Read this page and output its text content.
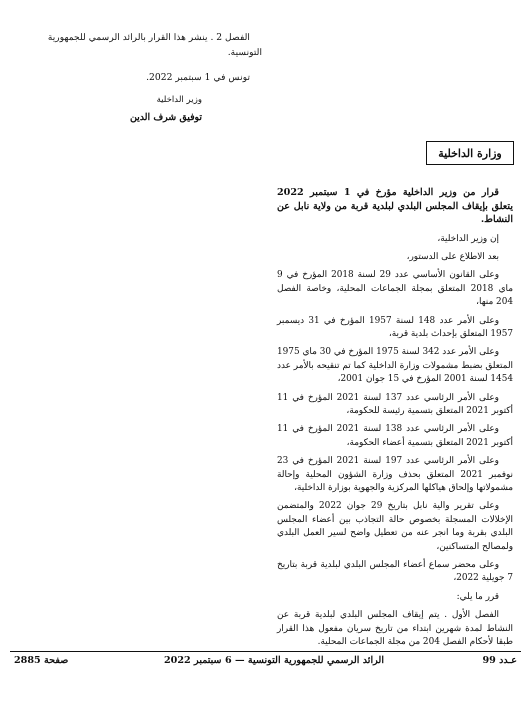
الفصل 2 . ينشر هذا القرار بالرائد الرسمي للجمهورية التونسية.

تونس في 1 سبتمبر 2022.

وزير الداخلية
توفيق شرف الدين
وزارة الداخلية

قرار من وزير الداخلية مؤرخ في 1 سبتمبر 2022 يتعلق بإيقاف المجلس البلدي لبلدية قربة من ولاية نابل عن النشاط.

إن وزير الداخلية،

بعد الاطلاع على الدستور،

وعلى القانون الأساسي عدد 29 لسنة 2018 المؤرخ في 9 ماي 2018 المتعلق بمجلة الجماعات المحلية، وخاصة الفصل 204 منها،

وعلى الأمر عدد 148 لسنة 1957 المؤرخ في 31 ديسمبر 1957 المتعلق بإحداث بلدية قربة،

وعلى الأمر عدد 342 لسنة 1975 المؤرخ في 30 ماي 1975 المتعلق بضبط مشمولات وزارة الداخلية كما تم تنقيحه بالأمر عدد 1454 لسنة 2001 المؤرخ في 15 جوان 2001،

وعلى الأمر الرئاسي عدد 137 لسنة 2021 المؤرخ في 11 أكتوبر 2021 المتعلق بتسمية رئيسة للحكومة،

وعلى الأمر الرئاسي عدد 138 لسنة 2021 المؤرخ في 11 أكتوبر 2021 المتعلق بتسمية أعضاء الحكومة،

وعلى الأمر الرئاسي عدد 197 لسنة 2021 المؤرخ في 23 نوفمبر 2021 المتعلق بحذف وزارة الشؤون المحلية وإحالة مشمولاتها وإلحاق هياكلها المركزية والجهوية بوزارة الداخلية،

وعلى تقرير والية نابل بتاريخ 29 جوان 2022 والمتضمن الإخلالات المسجلة بخصوص حالة التجاذب بين أعضاء المجلس البلدي بقربة وما انجر عنه من تعطيل واضح لسير العمل البلدي ولمصالح المتساكنين،

وعلى محضر سماع أعضاء المجلس البلدي لبلدية قربة بتاريخ 7 جويلية 2022،

قرر ما يلي:

الفصل الأول . يتم إيقاف المجلس البلدي لبلدية قربة عن النشاط لمدة شهرين ابتداء من تاريخ سريان مفعول هذا القرار طبقا لأحكام الفصل 204 من مجلة الجماعات المحلية.

صفحة 2885	الرائد الرسمي للجمهورية التونسية — 6 سبتمبر 2022	عـدد 99
